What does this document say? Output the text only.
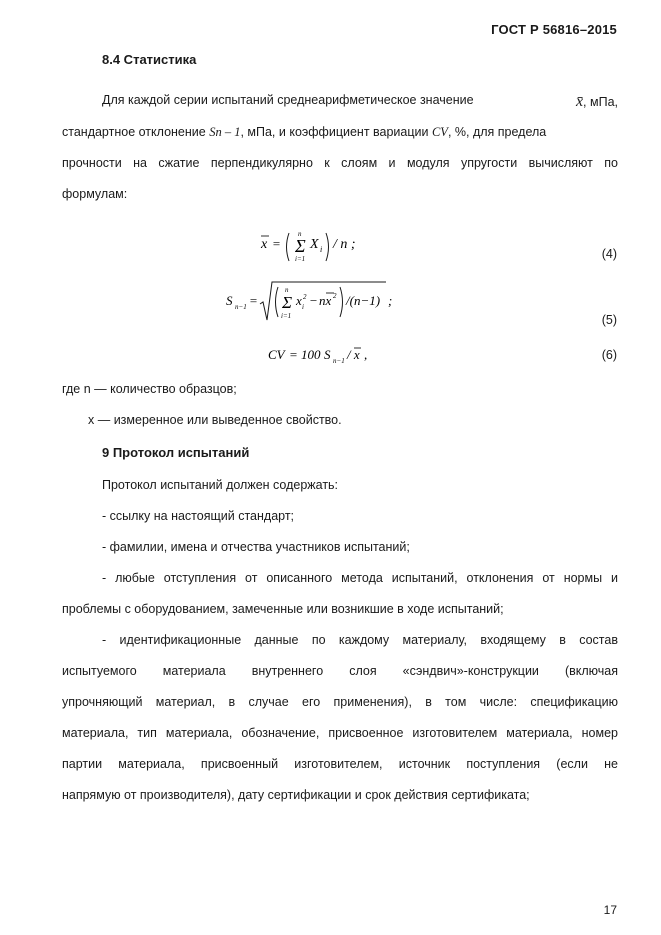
ГОСТ Р 56816–2015
8.4 Статистика
Для каждой серии испытаний среднеарифметическое значение	x̄, мПа,
стандартное отклонение Sn – 1, мПа, и коэффициент вариации CV, %, для предела
прочности на сжатие перпендикулярно к слоям и модуля упругости вычисляют по
формулам:
x = Σ
n
i=1
X i / n ;
(4)
S n−1 = Σ
n
i=1
x i
2 − nx 2 /(n−1) ;
(5)
CV = 100 S n−1 / x ,	(6)
где n — количество образцов;
x — измеренное или выведенное свойство.
9 Протокол испытаний
Протокол испытаний должен содержать:
- ссылку на настоящий стандарт;
- фамилии, имена и отчества участников испытаний;
- любые отступления от описанного метода испытаний, отклонения от нормы и
проблемы с оборудованием, замеченные или возникшие в ходе испытаний;
- идентификационные данные по каждому материалу, входящему в состав
испытуемого материала внутреннего слоя «сэндвич»-конструкции (включая
упрочняющий материал, в случае его применения), в том числе: спецификацию
материала, тип материала, обозначение, присвоенное изготовителем материала, номер
партии материала, присвоенный изготовителем, источник поступления (если не
напрямую от производителя), дату сертификации и срок действия сертификата;
17
